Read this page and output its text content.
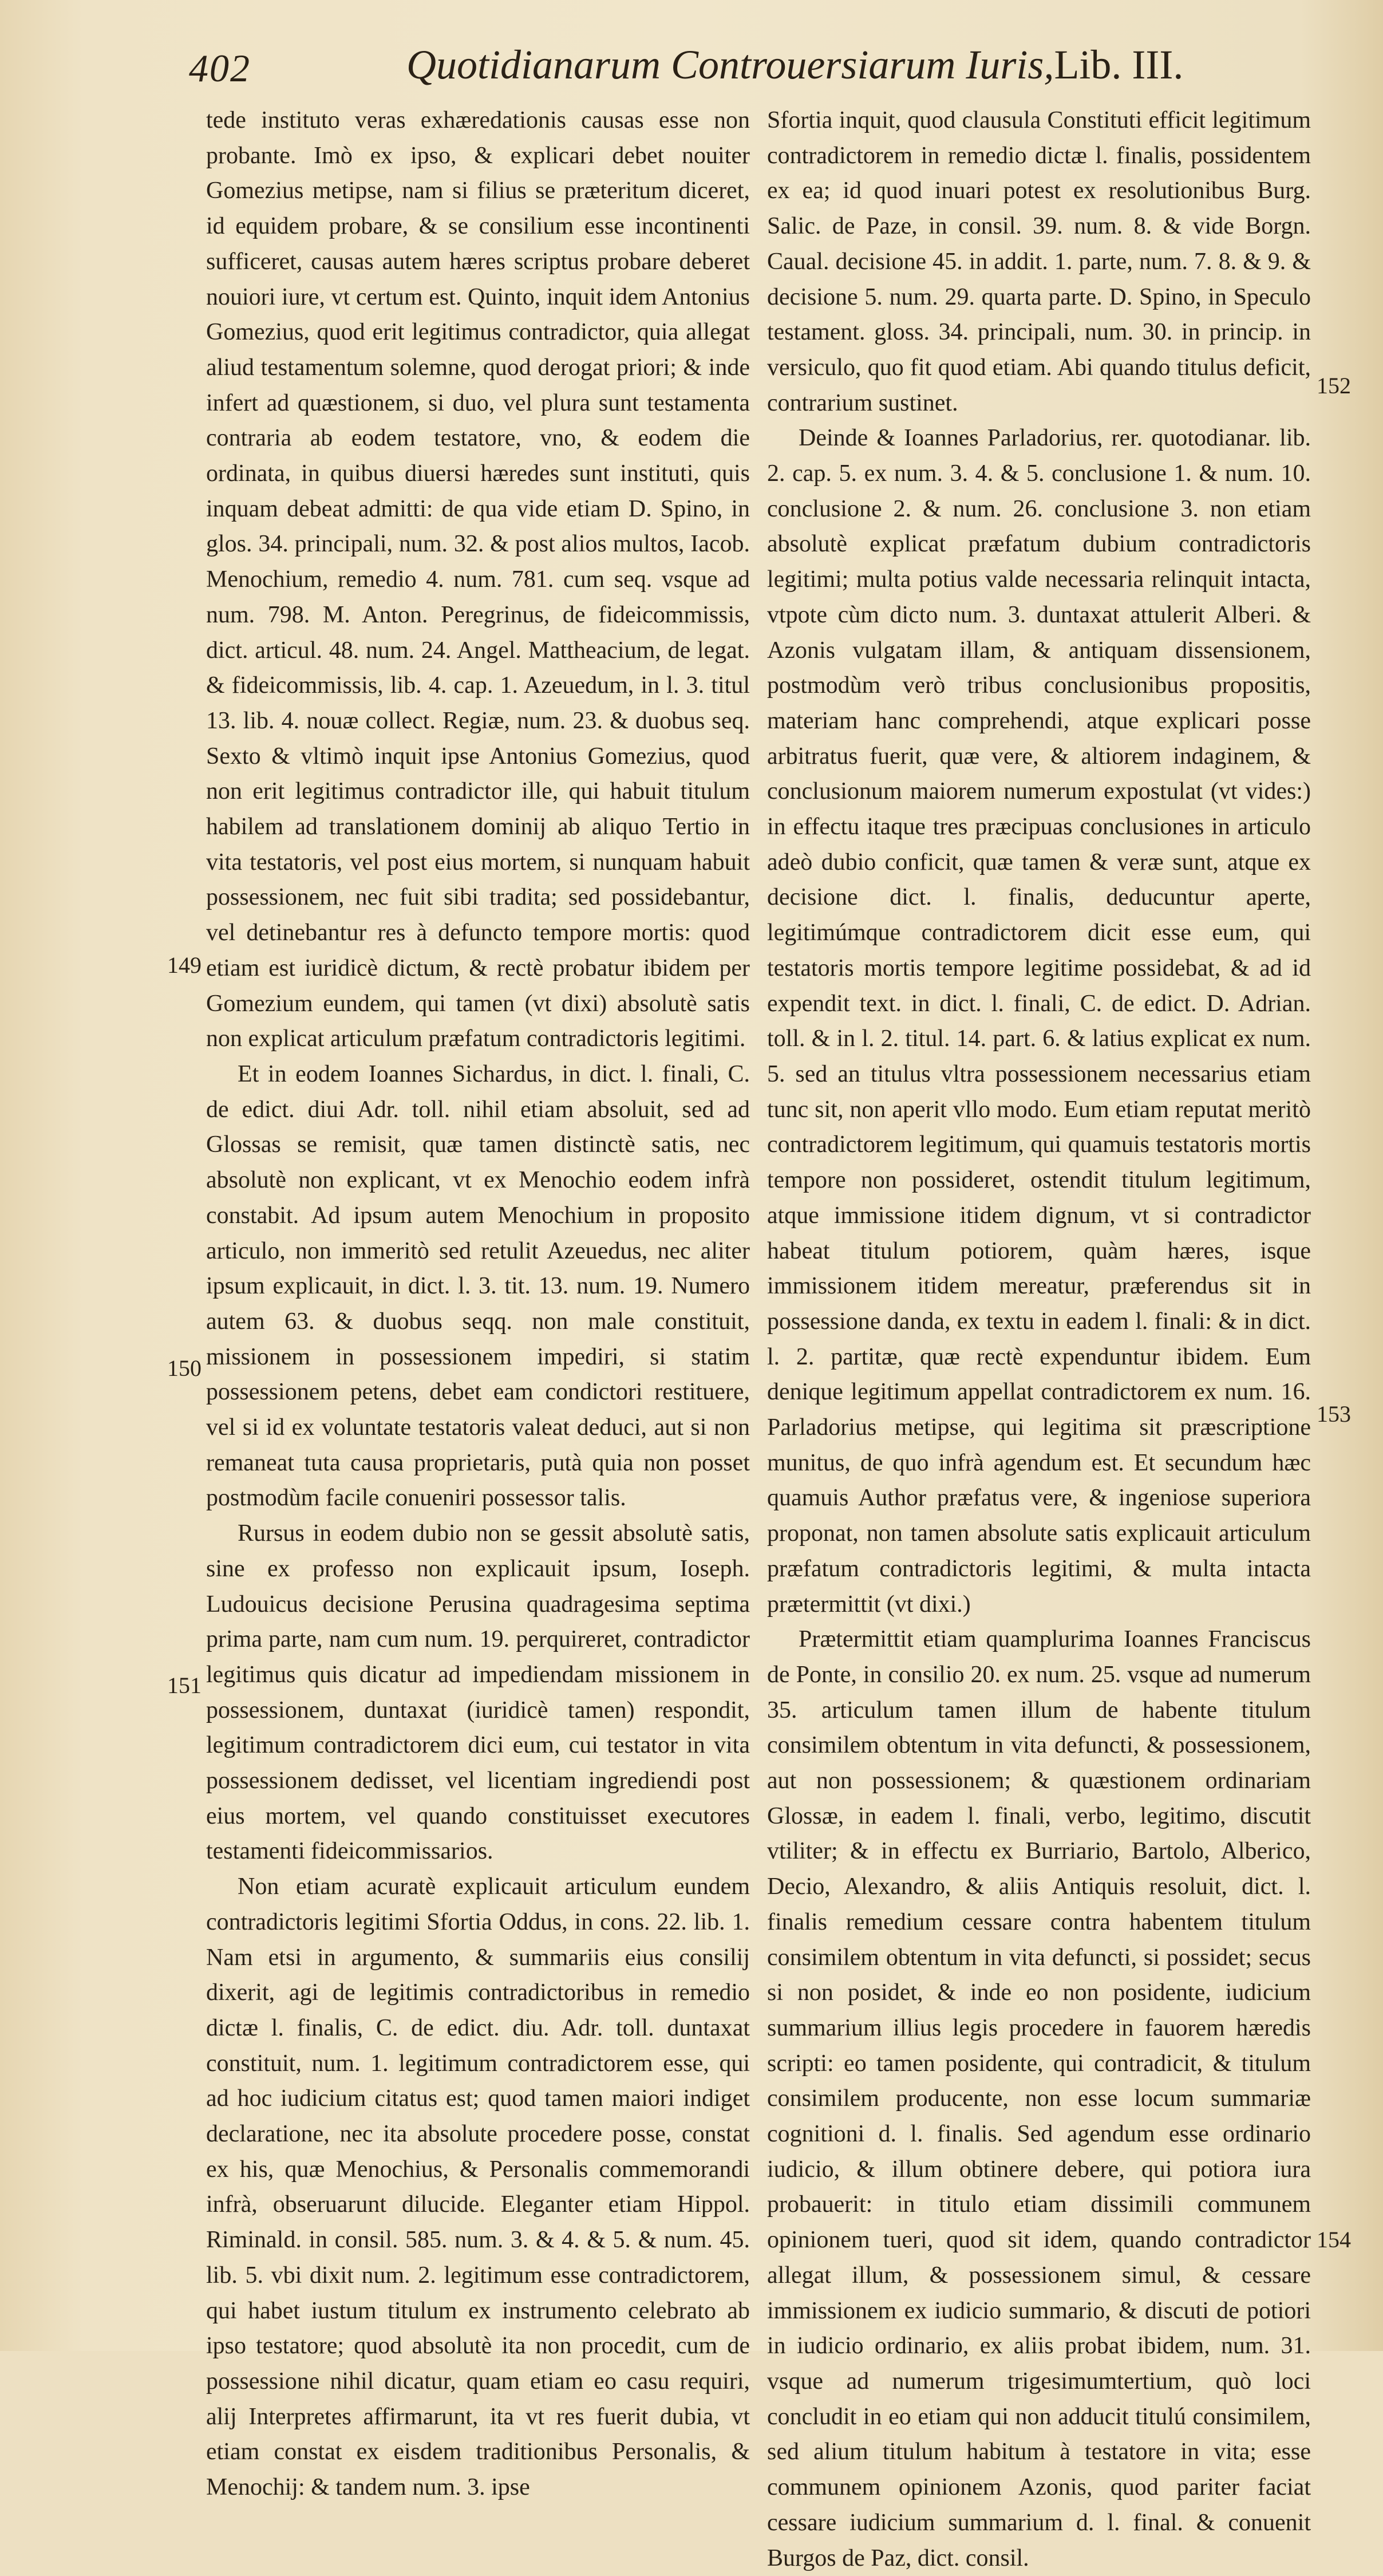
402	Quotidianarum Controuersiarum Iuris,Lib. III.
149
150
151
152
153
154

tede instituto veras exhæredationis causas esse non probante. Imò ex ipso, & explicari debet nouiter Gomezius metipse, nam si filius se præteritum diceret, id equidem probare, & se consilium esse incontinenti sufficeret, causas autem hæres scriptus probare deberet nouiori iure, vt certum est. Quinto, inquit idem Antonius Gomezius, quod erit legitimus contradictor, quia allegat aliud testamentum solemne, quod derogat priori; & inde infert ad quæstionem, si duo, vel plura sunt testamenta contraria ab eodem testatore, vno, & eodem die ordinata, in quibus diuersi hæredes sunt instituti, quis inquam debeat admitti: de qua vide etiam D. Spino, in glos. 34. principali, num. 32. & post alios multos, Iacob. Menochium, remedio 4. num. 781. cum seq. vsque ad num. 798. M. Anton. Peregrinus, de fideicommissis, dict. articul. 48. num. 24. Angel. Mattheacium, de legat. & fideicommissis, lib. 4. cap. 1. Azeuedum, in l. 3. titul 13. lib. 4. nouæ collect. Regiæ, num. 23. & duobus seq. Sexto & vltimò inquit ipse Antonius Gomezius, quod non erit legitimus contradictor ille, qui habuit titulum habilem ad translationem dominij ab aliquo Tertio in vita testatoris, vel post eius mortem, si nunquam habuit possessionem, nec fuit sibi tradita; sed possidebantur, vel detinebantur res à defuncto tempore mortis: quod etiam est iuridicè dictum, & rectè probatur ibidem per Gomezium eundem, qui tamen (vt dixi) absolutè satis non explicat articulum præfatum contradictoris legitimi.

Et in eodem Ioannes Sichardus, in dict. l. finali, C. de edict. diui Adr. toll. nihil etiam absoluit, sed ad Glossas se remisit, quæ tamen distinctè satis, nec absolutè non explicant, vt ex Menochio eodem infrà constabit. Ad ipsum autem Menochium in proposito articulo, non immeritò sed retulit Azeuedus, nec aliter ipsum explicauit, in dict. l. 3. tit. 13. num. 19. Numero autem 63. & duobus seqq. non male constituit, missionem in possessionem impediri, si statim possessionem petens, debet eam condictori restituere, vel si id ex voluntate testatoris valeat deduci, aut si non remaneat tuta causa proprietaris, putà quia non posset postmodùm facile conueniri possessor talis.

Rursus in eodem dubio non se gessit absolutè satis, sine ex professo non explicauit ipsum, Ioseph. Ludouicus decisione Perusina quadragesima septima prima parte, nam cum num. 19. perquireret, contradictor legitimus quis dicatur ad impediendam missionem in possessionem, duntaxat (iuridicè tamen) respondit, legitimum contradictorem dici eum, cui testator in vita possessionem dedisset, vel licentiam ingrediendi post eius mortem, vel quando constituisset executores testamenti fideicommissarios.

Non etiam acuratè explicauit articulum eundem contradictoris legitimi Sfortia Oddus, in cons. 22. lib. 1. Nam etsi in argumento, & summariis eius consilij dixerit, agi de legitimis contradictoribus in remedio dictæ l. finalis, C. de edict. diu. Adr. toll. duntaxat constituit, num. 1. legitimum contradictorem esse, qui ad hoc iudicium citatus est; quod tamen maiori indiget declaratione, nec ita absolute procedere posse, constat ex his, quæ Menochius, & Personalis commemorandi infrà, obseruarunt dilucide. Eleganter etiam Hippol. Riminald. in consil. 585. num. 3. & 4. & 5. & num. 45. lib. 5. vbi dixit num. 2. legitimum esse contradictorem, qui habet iustum titulum ex instrumento celebrato ab ipso testatore; quod absolutè ita non procedit, cum de possessione nihil dicatur, quam etiam eo casu requiri, alij Interpretes affirmarunt, ita vt res fuerit dubia, vt etiam constat ex eisdem traditionibus Personalis, & Menochij: & tandem num. 3. ipse

Sfortia inquit, quod clausula Constituti efficit legitimum contradictorem in remedio dictæ l. finalis, possidentem ex ea; id quod inuari potest ex resolutionibus Burg. Salic. de Paze, in consil. 39. num. 8. & vide Borgn. Caual. decisione 45. in addit. 1. parte, num. 7. 8. & 9. & decisione 5. num. 29. quarta parte. D. Spino, in Speculo testament. gloss. 34. principali, num. 30. in princip. in versiculo, quo fit quod etiam. Abi quando titulus deficit, contrarium sustinet.

Deinde & Ioannes Parladorius, rer. quotodianar. lib. 2. cap. 5. ex num. 3. 4. & 5. conclusione 1. & num. 10. conclusione 2. & num. 26. conclusione 3. non etiam absolutè explicat præfatum dubium contradictoris legitimi; multa potius valde necessaria relinquit intacta, vtpote cùm dicto num. 3. duntaxat attulerit Alberi. & Azonis vulgatam illam, & antiquam dissensionem, postmodùm verò tribus conclusionibus propositis, materiam hanc comprehendi, atque explicari posse arbitratus fuerit, quæ vere, & altiorem indaginem, & conclusionum maiorem numerum expostulat (vt vides:) in effectu itaque tres præcipuas conclusiones in articulo adeò dubio conficit, quæ tamen & veræ sunt, atque ex decisione dict. l. finalis, deducuntur aperte, legitimúmque contradictorem dicit esse eum, qui testatoris mortis tempore legitime possidebat, & ad id expendit text. in dict. l. finali, C. de edict. D. Adrian. toll. & in l. 2. titul. 14. part. 6. & latius explicat ex num. 5. sed an titulus vltra possessionem necessarius etiam tunc sit, non aperit vllo modo. Eum etiam reputat meritò contradictorem legitimum, qui quamuis testatoris mortis tempore non possideret, ostendit titulum legitimum, atque immissione itidem dignum, vt si contradictor habeat titulum potiorem, quàm hæres, isque immissionem itidem mereatur, præferendus sit in possessione danda, ex textu in eadem l. finali: & in dict. l. 2. partitæ, quæ rectè expenduntur ibidem. Eum denique legitimum appellat contradictorem ex num. 16. Parladorius metipse, qui legitima sit præscriptione munitus, de quo infrà agendum est. Et secundum hæc quamuis Author præfatus vere, & ingeniose superiora proponat, non tamen absolute satis explicauit articulum præfatum contradictoris legitimi, & multa intacta prætermittit (vt dixi.)

Prætermittit etiam quamplurima Ioannes Franciscus de Ponte, in consilio 20. ex num. 25. vsque ad numerum 35. articulum tamen illum de habente titulum consimilem obtentum in vita defuncti, & possessionem, aut non possessionem; & quæstionem ordinariam Glossæ, in eadem l. finali, verbo, legitimo, discutit vtiliter; & in effectu ex Burriario, Bartolo, Alberico, Decio, Alexandro, & aliis Antiquis resoluit, dict. l. finalis remedium cessare contra habentem titulum consimilem obtentum in vita defuncti, si possidet; secus si non posidet, & inde eo non posidente, iudicium summarium illius legis procedere in fauorem hæredis scripti: eo tamen posidente, qui contradicit, & titulum consimilem producente, non esse locum summariæ cognitioni d. l. finalis. Sed agendum esse ordinario iudicio, & illum obtinere debere, qui potiora iura probauerit: in titulo etiam dissimili communem opinionem tueri, quod sit idem, quando contradictor allegat illum, & possessionem simul, & cessare immissionem ex iudicio summario, & discuti de potiori in iudicio ordinario, ex aliis probat ibidem, num. 31. vsque ad numerum trigesimumtertium, quò loci concludit in eo etiam qui non adducit titulú consimilem, sed alium titulum habitum à testatore in vita; esse communem opinionem Azonis, quod pariter faciat cessare iudicium summarium d. l. final. & conuenit Burgos de Paz, dict. consil.
